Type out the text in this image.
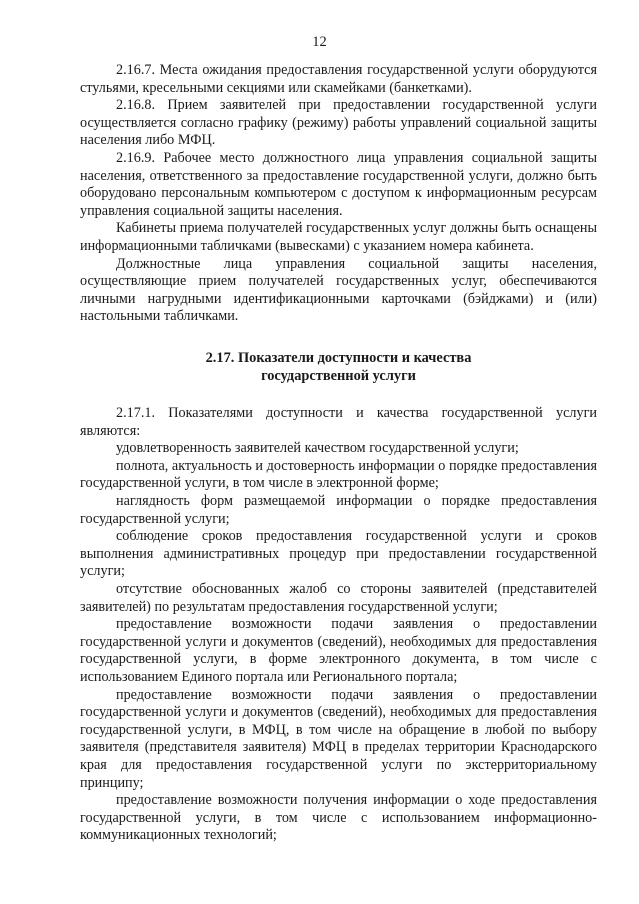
12

2.16.7. Места ожидания предоставления государственной услуги оборудуются стульями, кресельными секциями или скамейками (банкетками).

2.16.8. Прием заявителей при предоставлении государственной услуги осуществляется согласно графику (режиму) работы управлений социальной защиты населения либо МФЦ.

2.16.9. Рабочее место должностного лица управления социальной защиты населения, ответственного за предоставление государственной услуги, должно быть оборудовано персональным компьютером с доступом к информационным ресурсам управления социальной защиты населения.

Кабинеты приема получателей государственных услуг должны быть оснащены информационными табличками (вывесками) с указанием номера кабинета.

Должностные лица управления социальной защиты населения, осуществляющие прием получателей государственных услуг, обеспечиваются личными нагрудными идентификационными карточками (бэйджами) и (или) настольными табличками.

2.17. Показатели доступности и качества
государственной услуги

2.17.1. Показателями доступности и качества государственной услуги являются:

удовлетворенность заявителей качеством государственной услуги;

полнота, актуальность и достоверность информации о порядке предоставления государственной услуги, в том числе в электронной форме;

наглядность форм размещаемой информации о порядке предоставления государственной услуги;

соблюдение сроков предоставления государственной услуги и сроков выполнения административных процедур при предоставлении государственной услуги;

отсутствие обоснованных жалоб со стороны заявителей (представителей заявителей) по результатам предоставления государственной услуги;

предоставление возможности подачи заявления о предоставлении государственной услуги и документов (сведений), необходимых для предоставления государственной услуги, в форме электронного документа, в том числе с использованием Единого портала или Регионального портала;

предоставление возможности подачи заявления о предоставлении государственной услуги и документов (сведений), необходимых для предоставления государственной услуги, в МФЦ, в том числе на обращение в любой по выбору заявителя (представителя заявителя) МФЦ в пределах территории Краснодарского края для предоставления государственной услуги по экстерриториальному принципу;

предоставление возможности получения информации о ходе предоставления государственной услуги, в том числе с использованием информационно-коммуникационных технологий;
